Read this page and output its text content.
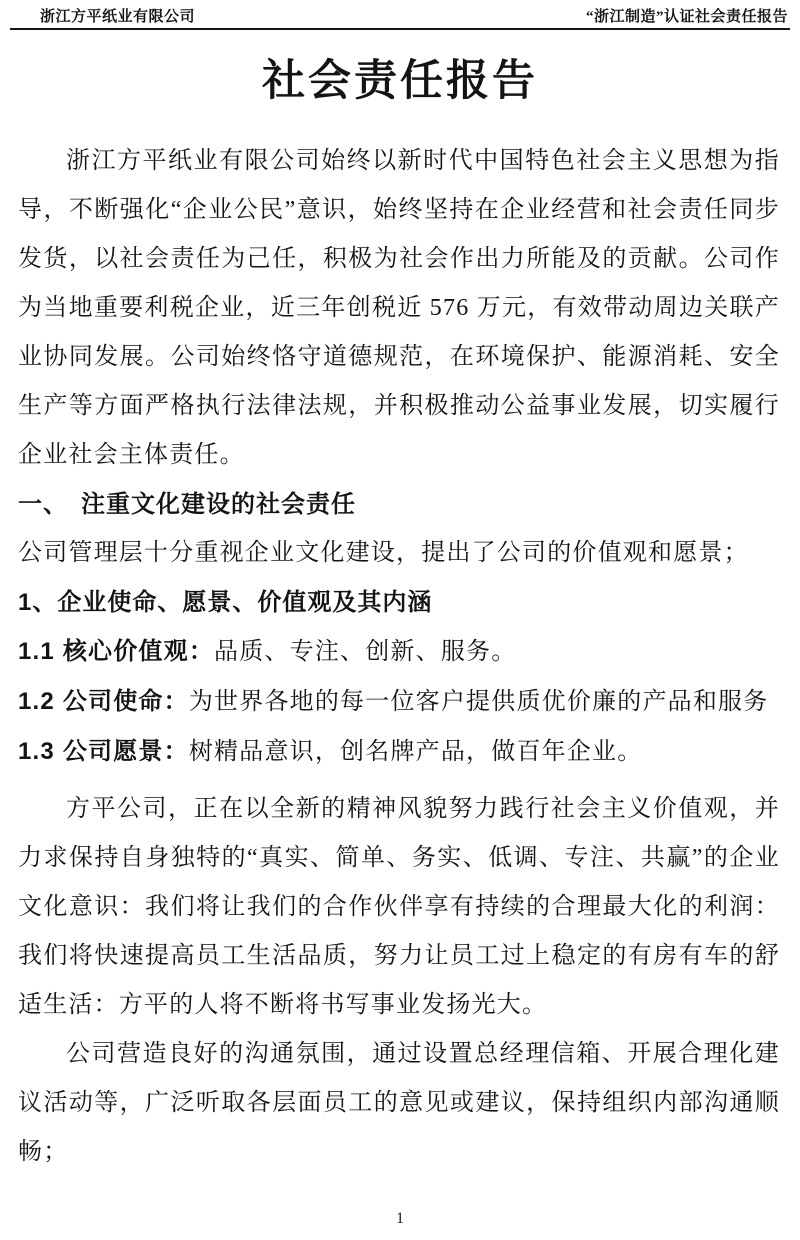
浙江方平纸业有限公司	“浙江制造”认证社会责任报告
社会责任报告

浙江方平纸业有限公司始终以新时代中国特色社会主义思想为指导，不断强化“企业公民”意识，始终坚持在企业经营和社会责任同步发货，以社会责任为己任，积极为社会作出力所能及的贡献。公司作为当地重要利税企业，近三年创税近 576 万元，有效带动周边关联产业协同发展。公司始终恪守道德规范，在环境保护、能源消耗、安全生产等方面严格执行法律法规，并积极推动公益事业发展，切实履行企业社会主体责任。

一、　注重文化建设的社会责任

公司管理层十分重视企业文化建设，提出了公司的价值观和愿景；

1、企业使命、愿景、价值观及其内涵

1.1 核心价值观：品质、专注、创新、服务。

1.2 公司使命：为世界各地的每一位客户提供质优价廉的产品和服务

1.3 公司愿景：树精品意识，创名牌产品，做百年企业。

方平公司，正在以全新的精神风貌努力践行社会主义价值观，并力求保持自身独特的“真实、简单、务实、低调、专注、共赢”的企业文化意识：我们将让我们的合作伙伴享有持续的合理最大化的利润：我们将快速提高员工生活品质，努力让员工过上稳定的有房有车的舒适生活：方平的人将不断将书写事业发扬光大。

公司营造良好的沟通氛围，通过设置总经理信箱、开展合理化建议活动等，广泛听取各层面员工的意见或建议，保持组织内部沟通顺畅；

1
